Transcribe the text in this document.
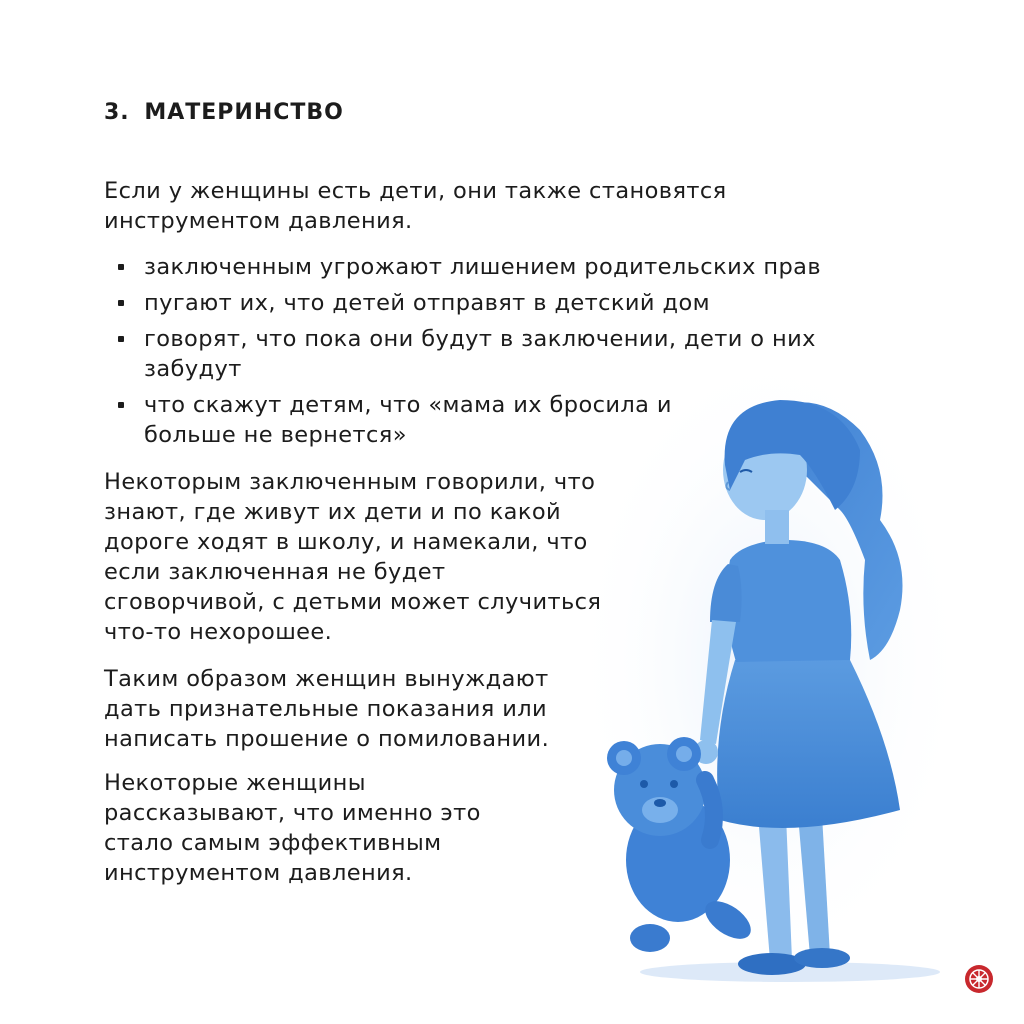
3. МАТЕРИНСТВО

Если у женщины есть дети, они также становятся инструментом давления.

заключенным угрожают лишением родительских прав
пугают их, что детей отправят в детский дом
говорят, что пока они будут в заключении, дети о них забудут
что скажут детям, что «мама их бросила и больше не вернется»

Некоторым заключенным говорили, что знают, где живут их дети и по какой дороге ходят в школу, и намекали, что если заключенная не будет сговорчивой, с детьми может случиться что-то нехорошее.

Таким образом женщин вынуждают дать признательные показания или написать прошение о помиловании.

Некоторые женщины рассказывают, что именно это стало самым эффективным инструментом давления.
